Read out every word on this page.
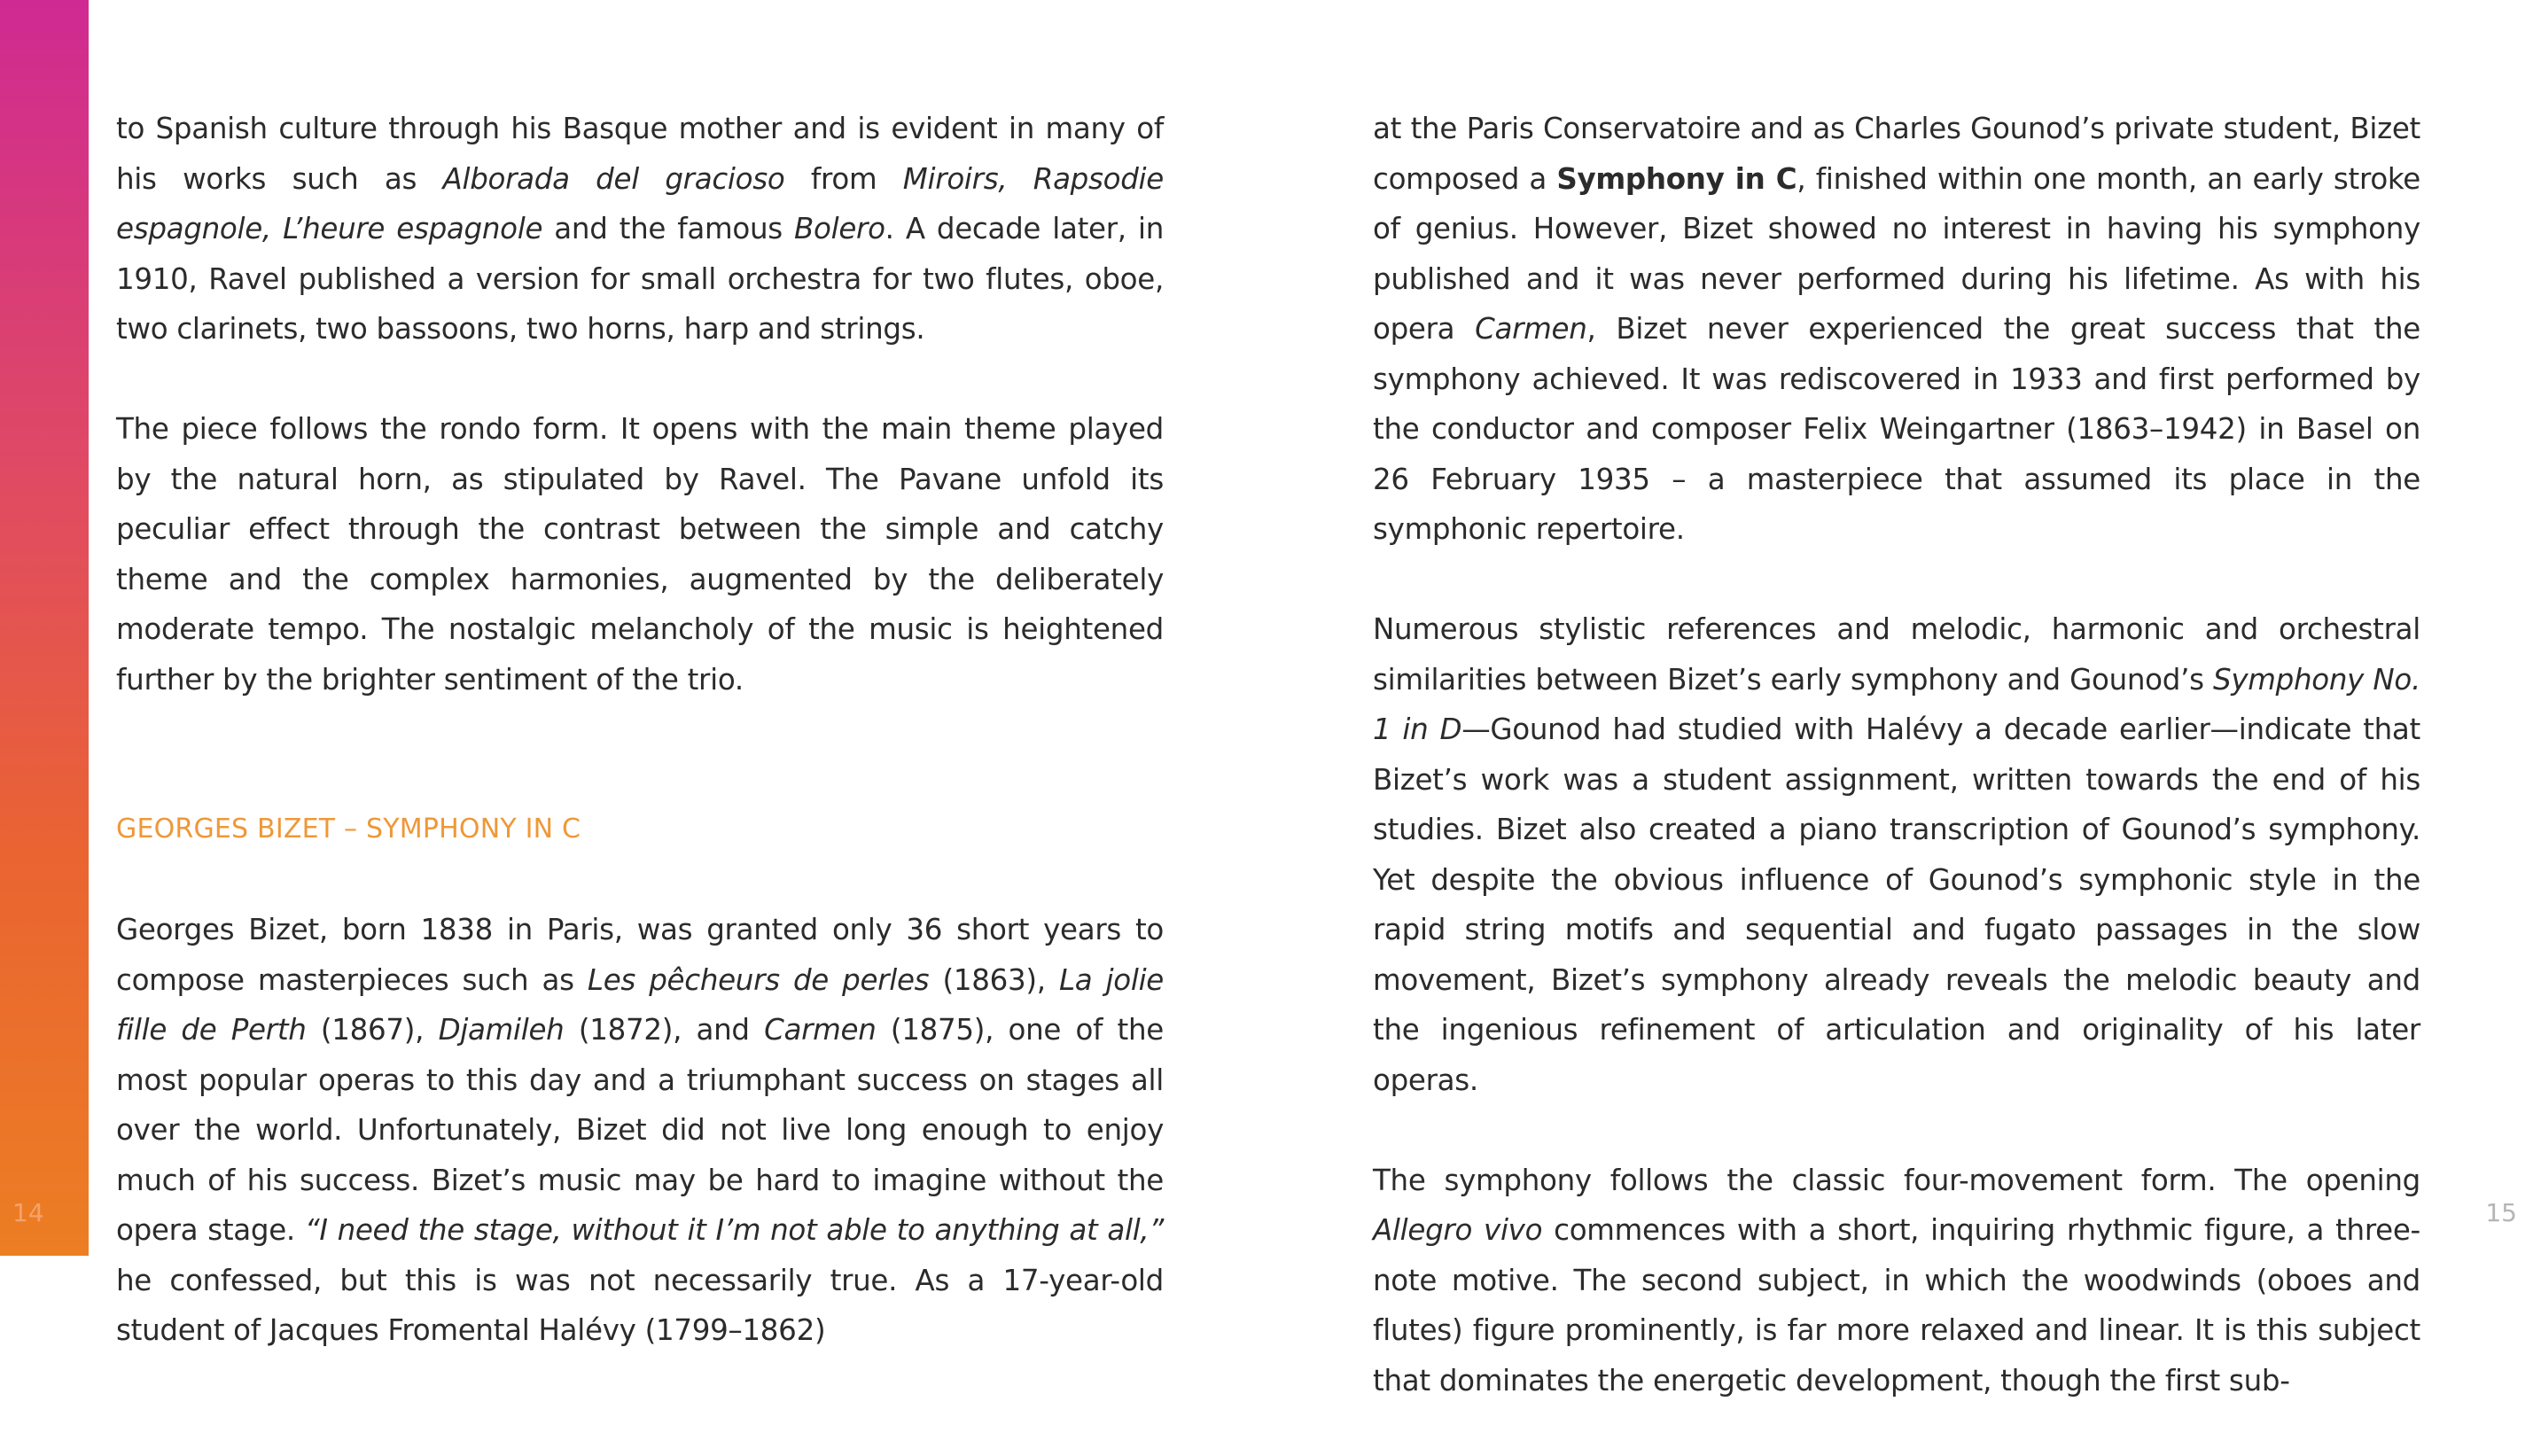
to Spanish culture through his Basque mother and is evident in many of his works such as Alborada del gracioso from Miroirs, Rapsodie espagnole, L’heure espagnole and the famous Bolero. A decade later, in 1910, Ravel published a version for small orchestra for two flutes, oboe, two clarinets, two bassoons, two horns, harp and strings.

The piece follows the rondo form. It opens with the main theme played by the natural horn, as stipulated by Ravel. The Pavane unfold its peculiar effect through the contrast between the simple and catchy theme and the complex harmonies, augmented by the deliberately moderate tempo. The nostalgic melancholy of the music is heightened further by the brighter sentiment of the trio.

GEORGES BIZET – SYMPHONY IN C

Georges Bizet, born 1838 in Paris, was granted only 36 short years to compose masterpieces such as Les pêcheurs de perles (1863), La jolie fille de Perth (1867), Djamileh (1872), and Carmen (1875), one of the most popular operas to this day and a triumphant success on stages all over the world. Unfortunately, Bizet did not live long enough to enjoy much of his success. Bizet’s music may be hard to imagine without the opera stage. “I need the stage, without it I’m not able to anything at all,” he confessed, but this is was not necessarily true. As a 17-year-old student of Jacques Fromental Halévy (1799–1862)

at the Paris Conservatoire and as Charles Gounod’s private student, Bizet composed a Symphony in C, finished within one month, an early stroke of genius. However, Bizet showed no interest in having his symphony published and it was never performed during his lifetime. As with his opera Carmen, Bizet never experienced the great success that the symphony achieved. It was rediscovered in 1933 and first performed by the conductor and composer Felix Weingartner (1863–1942) in Basel on 26 February 1935 – a masterpiece that assumed its place in the symphonic repertoire.

Numerous stylistic references and melodic, harmonic and orchestral similarities between Bizet’s early symphony and Gounod’s Symphony No. 1 in D—Gounod had studied with Halévy a decade earlier—indicate that Bizet’s work was a student assignment, written towards the end of his studies. Bizet also created a piano transcription of Gounod’s symphony. Yet despite the obvious influence of Gounod’s symphonic style in the rapid string motifs and sequential and fugato passages in the slow movement, Bizet’s symphony already reveals the melodic beauty and the ingenious refinement of articulation and originality of his later operas.

The symphony follows the classic four-movement form. The opening Allegro vivo commences with a short, inquiring rhythmic figure, a three-note motive. The second subject, in which the woodwinds (oboes and flutes) figure prominently, is far more relaxed and linear. It is this subject that dominates the energetic development, though the first sub-

14	15
